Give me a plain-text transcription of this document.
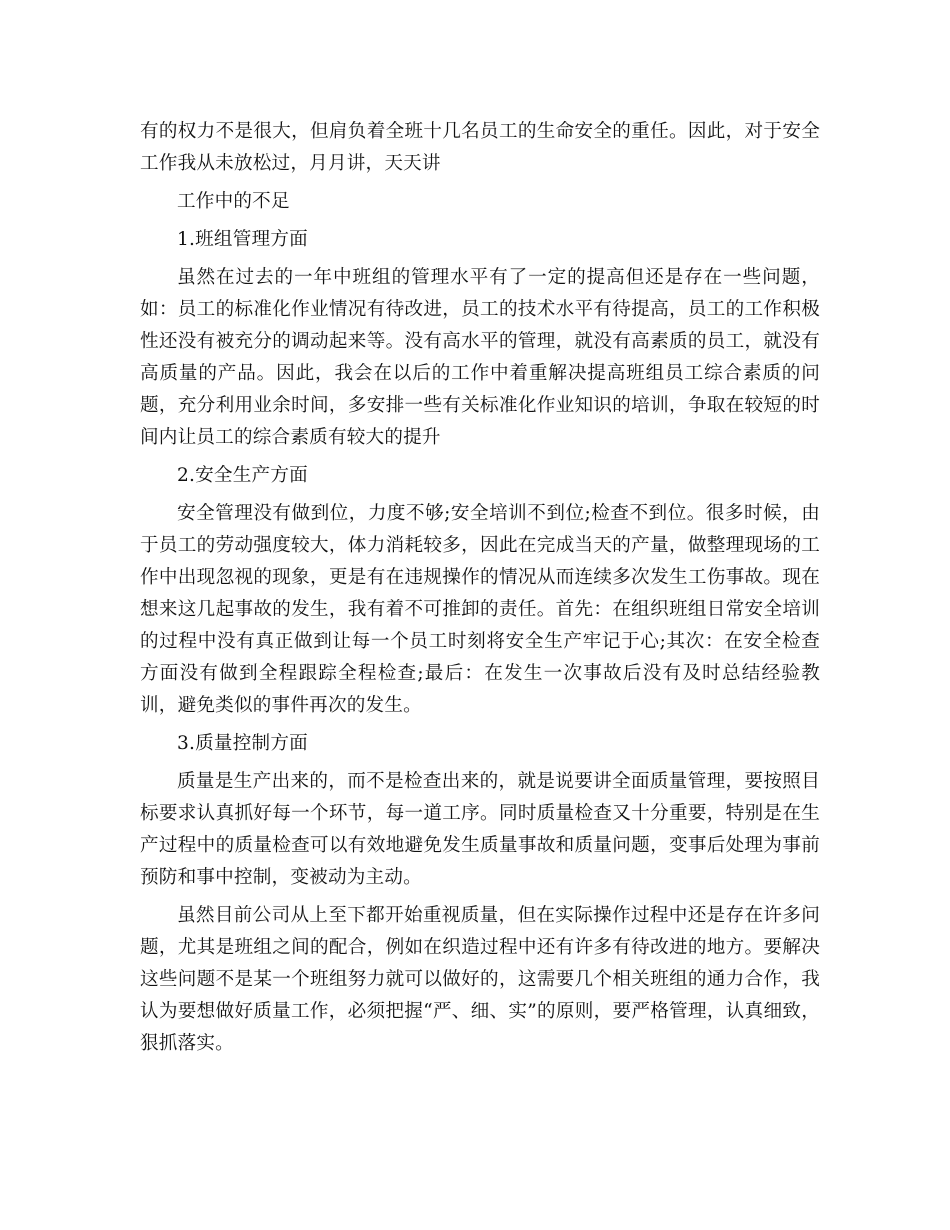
有的权力不是很大，但肩负着全班十几名员工的生命安全的重任。因此，对于安全工作我从未放松过，月月讲，天天讲

工作中的不足

1.班组管理方面

虽然在过去的一年中班组的管理水平有了一定的提高但还是存在一些问题，如：员工的标准化作业情况有待改进，员工的技术水平有待提高，员工的工作积极性还没有被充分的调动起来等。没有高水平的管理，就没有高素质的员工，就没有高质量的产品。因此，我会在以后的工作中着重解决提高班组员工综合素质的问题，充分利用业余时间，多安排一些有关标准化作业知识的培训，争取在较短的时间内让员工的综合素质有较大的提升

2.安全生产方面

安全管理没有做到位，力度不够;安全培训不到位;检查不到位。很多时候，由于员工的劳动强度较大，体力消耗较多，因此在完成当天的产量，做整理现场的工作中出现忽视的现象，更是有在违规操作的情况从而连续多次发生工伤事故。现在想来这几起事故的发生，我有着不可推卸的责任。首先：在组织班组日常安全培训的过程中没有真正做到让每一个员工时刻将安全生产牢记于心;其次：在安全检查方面没有做到全程跟踪全程检查;最后：在发生一次事故后没有及时总结经验教训，避免类似的事件再次的发生。

3.质量控制方面

质量是生产出来的，而不是检查出来的，就是说要讲全面质量管理，要按照目标要求认真抓好每一个环节，每一道工序。同时质量检查又十分重要，特别是在生产过程中的质量检查可以有效地避免发生质量事故和质量问题，变事后处理为事前预防和事中控制，变被动为主动。

虽然目前公司从上至下都开始重视质量，但在实际操作过程中还是存在许多问题，尤其是班组之间的配合，例如在织造过程中还有许多有待改进的地方。要解决这些问题不是某一个班组努力就可以做好的，这需要几个相关班组的通力合作，我认为要想做好质量工作，必须把握“严、细、实”的原则，要严格管理，认真细致，狠抓落实。
